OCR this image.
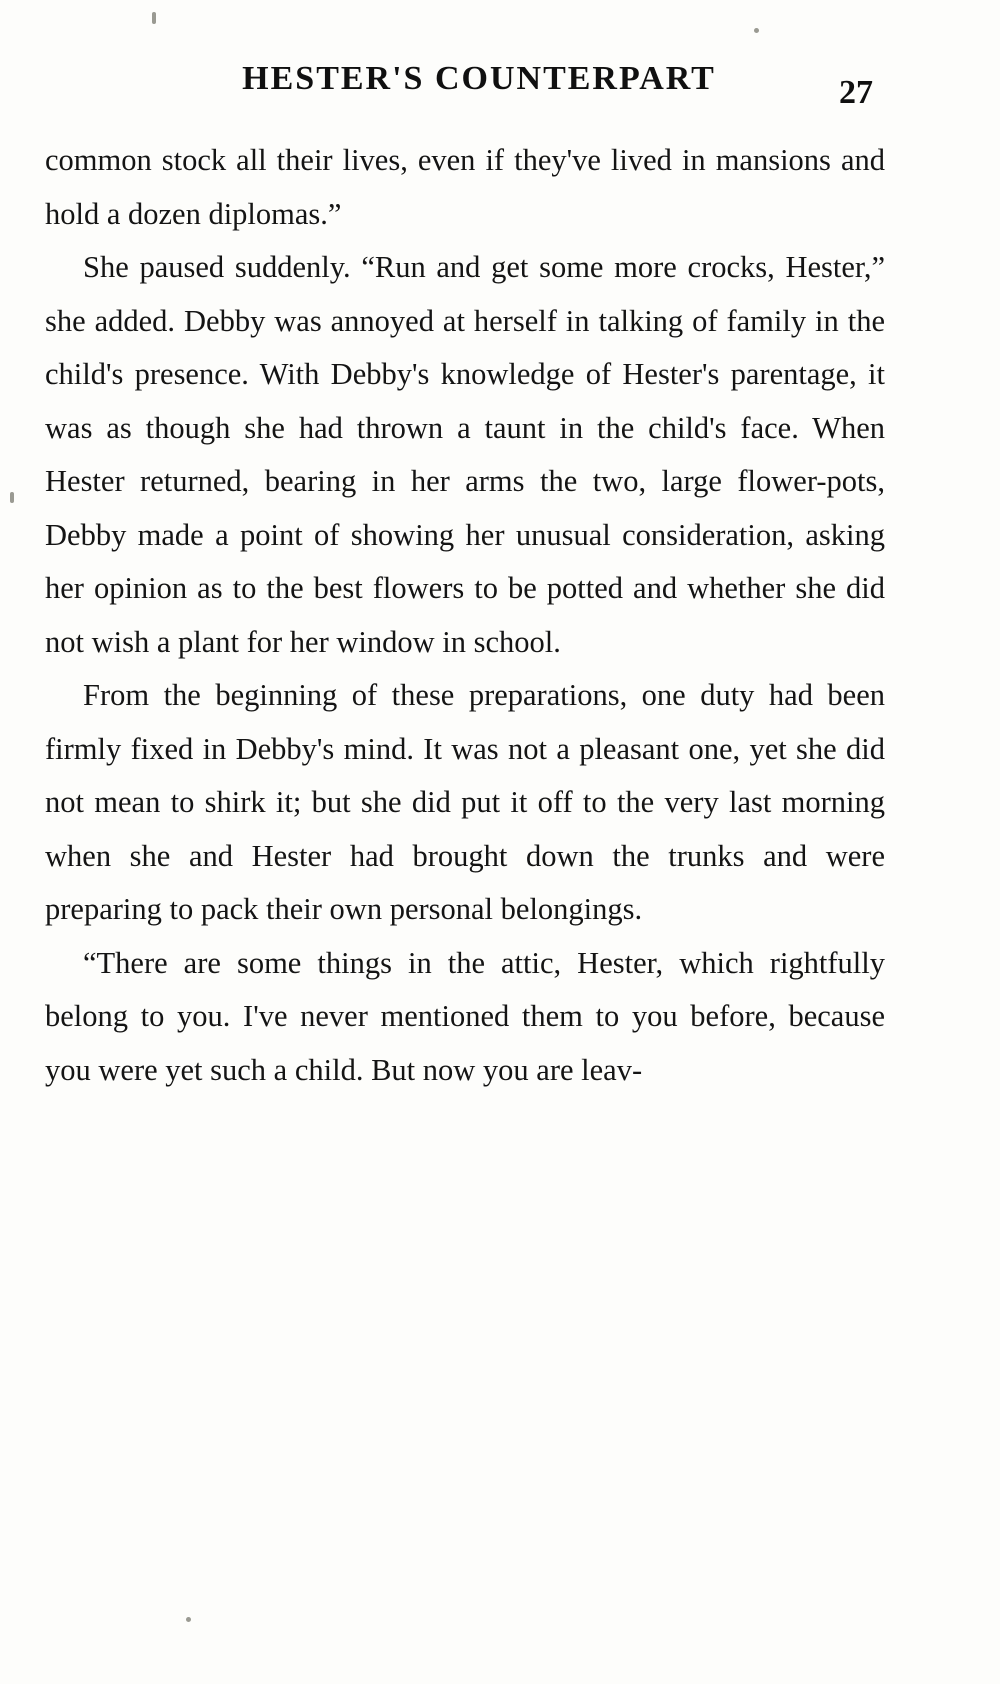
HESTER'S COUNTERPART	27

common stock all their lives, even if they've lived in mansions and hold a dozen diplomas.”

She paused suddenly. “Run and get some more crocks, Hester,” she added. Debby was annoyed at herself in talking of family in the child's presence. With Debby's knowledge of Hester's parentage, it was as though she had thrown a taunt in the child's face. When Hester returned, bearing in her arms the two, large flower-pots, Debby made a point of showing her unusual consideration, asking her opinion as to the best flowers to be potted and whether she did not wish a plant for her window in school.

From the beginning of these preparations, one duty had been firmly fixed in Debby's mind. It was not a pleasant one, yet she did not mean to shirk it; but she did put it off to the very last morning when she and Hester had brought down the trunks and were preparing to pack their own personal belongings.

“There are some things in the attic, Hester, which rightfully belong to you. I've never mentioned them to you before, because you were yet such a child. But now you are leav-
